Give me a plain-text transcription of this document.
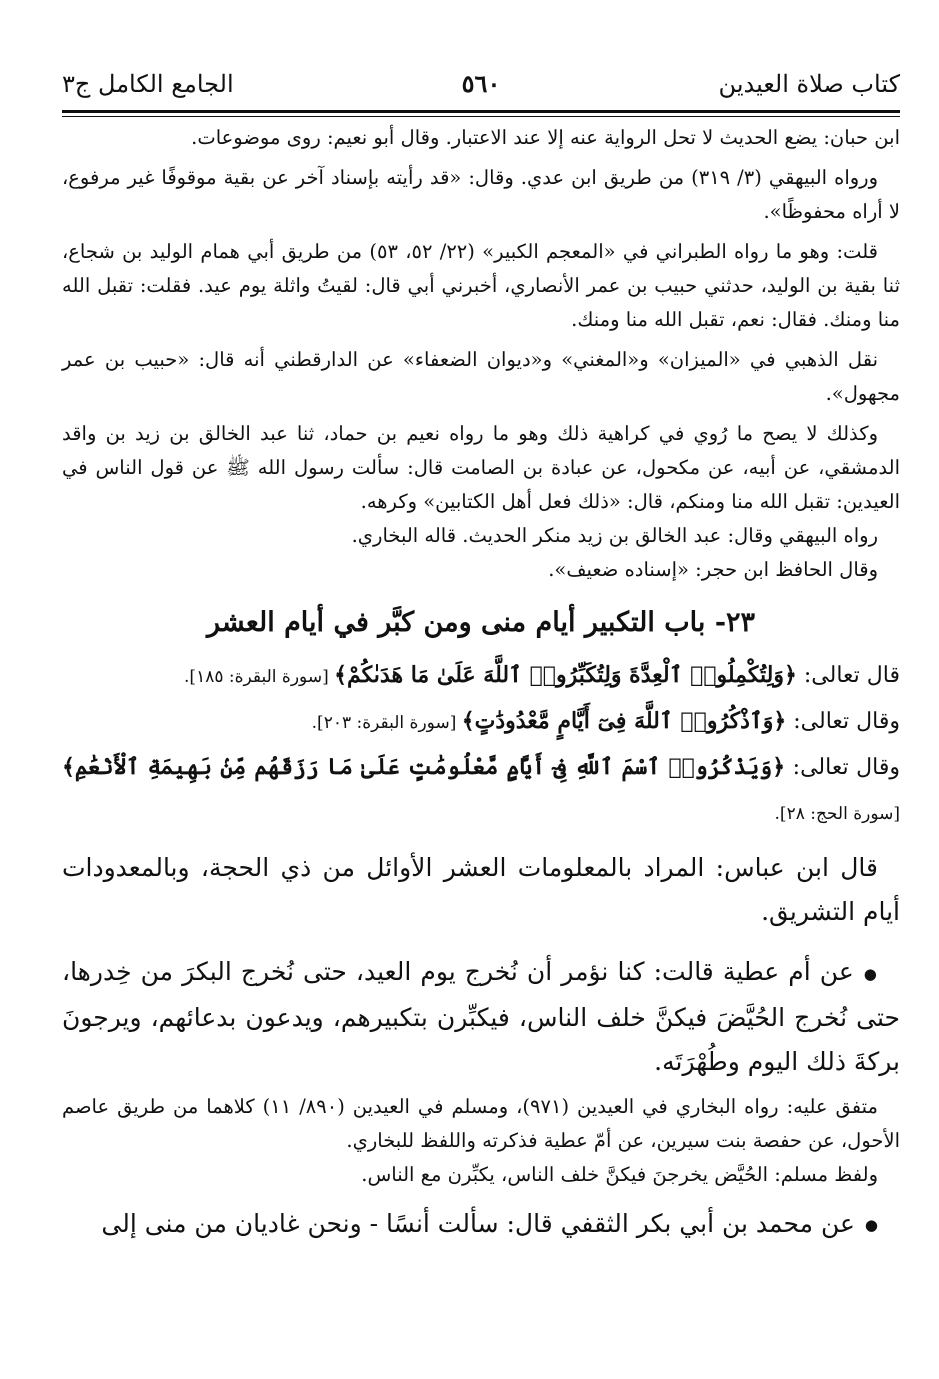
كتاب صلاة العيدين
٥٦٠
الجامع الكامل ج٣

ابن حبان: يضع الحديث لا تحل الرواية عنه إلا عند الاعتبار. وقال أبو نعيم: روى موضوعات.

ورواه البيهقي (٣/ ٣١٩) من طريق ابن عدي. وقال: «قد رأيته بإسناد آخر عن بقية موقوفًا غير مرفوع، لا أراه محفوظًا».

قلت: وهو ما رواه الطبراني في «المعجم الكبير» (٢٢/ ٥٢، ٥٣) من طريق أبي همام الوليد بن شجاع، ثنا بقية بن الوليد، حدثني حبيب بن عمر الأنصاري، أخبرني أبي قال: لقيتُ واثلة يوم عيد. فقلت: تقبل الله منا ومنك. فقال: نعم، تقبل الله منا ومنك.

نقل الذهبي في «الميزان» و«المغني» و«ديوان الضعفاء» عن الدارقطني أنه قال: «حبيب بن عمر مجهول».

وكذلك لا يصح ما رُوي في كراهية ذلك وهو ما رواه نعيم بن حماد، ثنا عبد الخالق بن زيد بن واقد الدمشقي، عن أبيه، عن مكحول، عن عبادة بن الصامت قال: سألت رسول الله ﷺ عن قول الناس في العيدين: تقبل الله منا ومنكم، قال: «ذلك فعل أهل الكتابين» وكرهه.

رواه البيهقي وقال: عبد الخالق بن زيد منكر الحديث. قاله البخاري.

وقال الحافظ ابن حجر: «إسناده ضعيف».

٢٣- باب التكبير أيام منى ومن كبَّر في أيام العشر

قال تعالى: ﴿وَلِتُكْمِلُوا۟ ٱلْعِدَّةَ وَلِتُكَبِّرُوا۟ ٱللَّهَ عَلَىٰ مَا هَدَىٰكُمْ﴾ [سورة البقرة: ١٨٥].

وقال تعالى: ﴿وَٱذْكُرُوا۟ ٱللَّهَ فِىٓ أَيَّامٍ مَّعْدُودَٰتٍ﴾ [سورة البقرة: ٢٠٣].

وقال تعالى: ﴿وَيَذْكُرُوا۟ ٱسْمَ ٱللَّهِ فِىٓ أَيَّامٍ مَّعْلُومَٰتٍ عَلَىٰ مَا رَزَقَهُم مِّنۢ بَهِيمَةِ ٱلْأَنْعَٰمِ﴾ [سورة الحج: ٢٨].

قال ابن عباس: المراد بالمعلومات العشر الأوائل من ذي الحجة، وبالمعدودات أيام التشريق.

● عن أم عطية قالت: كنا نؤمر أن نُخرج يوم العيد، حتى نُخرج البكرَ من خِدرها، حتى نُخرج الحُيَّضَ فيكنَّ خلف الناس، فيكبِّرن بتكبيرهم، ويدعون بدعائهم، ويرجونَ بركةَ ذلك اليوم وطُهْرَتَه.

متفق عليه: رواه البخاري في العيدين (٩٧١)، ومسلم في العيدين (٨٩٠/ ١١) كلاهما من طريق عاصم الأحول، عن حفصة بنت سيرين، عن أمّ عطية فذكرته واللفظ للبخاري.

ولفظ مسلم: الحُيَّض يخرجنَ فيكنَّ خلف الناس، يكبِّرن مع الناس.

● عن محمد بن أبي بكر الثقفي قال: سألت أنسًا - ونحن غاديان من منى إلى
